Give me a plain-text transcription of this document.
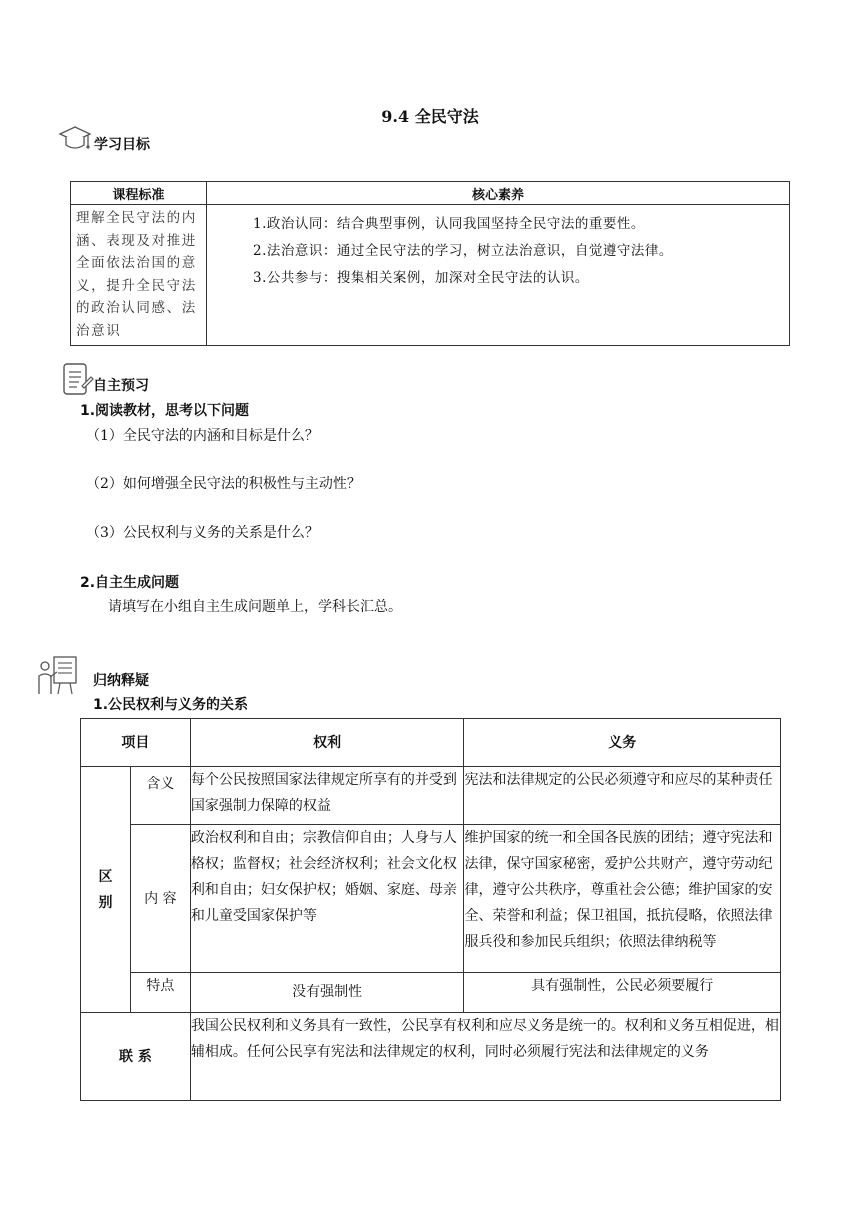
9.4 全民守法
学习目标
课程标准	核心素养
理解全民守法的内涵、表现及对推进全面依法治国的意义，提升全民守法的政治认同感、法治意识	1.政治认同：结合典型事例，认同我国坚持全民守法的重要性。
2.法治意识：通过全民守法的学习，树立法治意识，自觉遵守法律。
3.公共参与：搜集相关案例，加深对全民守法的认识。
自主预习
1.阅读教材，思考以下问题
（1）全民守法的内涵和目标是什么？
（2）如何增强全民守法的积极性与主动性？
（3）公民权利与义务的关系是什么？
2.自主生成问题
请填写在小组自主生成问题单上，学科长汇总。
归纳释疑
1.公民权利与义务的关系
项目		权利	义务
区
别	含义	每个公民按照国家法律规定所享有的并受到国家强制力保障的权益	宪法和法律规定的公民必须遵守和应尽的某种责任
	内 容	政治权利和自由；宗教信仰自由；人身与人格权；监督权；社会经济权利；社会文化权利和自由；妇女保护权；婚姻、家庭、母亲和儿童受国家保护等	维护国家的统一和全国各民族的团结；遵守宪法和法律，保守国家秘密，爱护公共财产，遵守劳动纪律，遵守公共秩序，尊重社会公德；维护国家的安全、荣誉和利益；保卫祖国，抵抗侵略，依照法律服兵役和参加民兵组织；依照法律纳税等
	特点	没有强制性	具有强制性，公民必须要履行
联 系		我国公民权利和义务具有一致性，公民享有权利和应尽义务是统一的。权利和义务互相促进，相辅相成。任何公民享有宪法和法律规定的权利，同时必须履行宪法和法律规定的义务	
